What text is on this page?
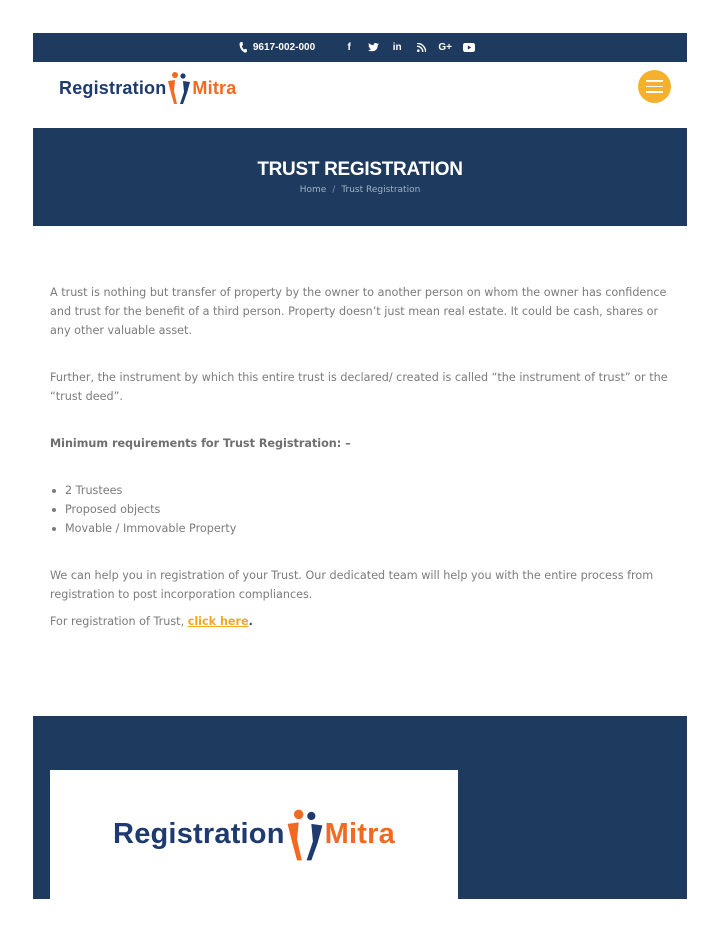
9617-002-000	f	in	G+
Registration Mitra
TRUST REGISTRATION
Home / Trust Registration

A trust is nothing but transfer of property by the owner to another person on whom the owner has confidence and trust for the benefit of a third person. Property doesn’t just mean real estate. It could be cash, shares or any other valuable asset.

Further, the instrument by which this entire trust is declared/ created is called “the instrument of trust” or the “trust deed”.

Minimum requirements for Trust Registration: –

2 Trustees
Proposed objects
Movable / Immovable Property

We can help you in registration of your Trust. Our dedicated team will help you with the entire process from registration to post incorporation compliances.

For registration of Trust, click here.

Registration Mitra
